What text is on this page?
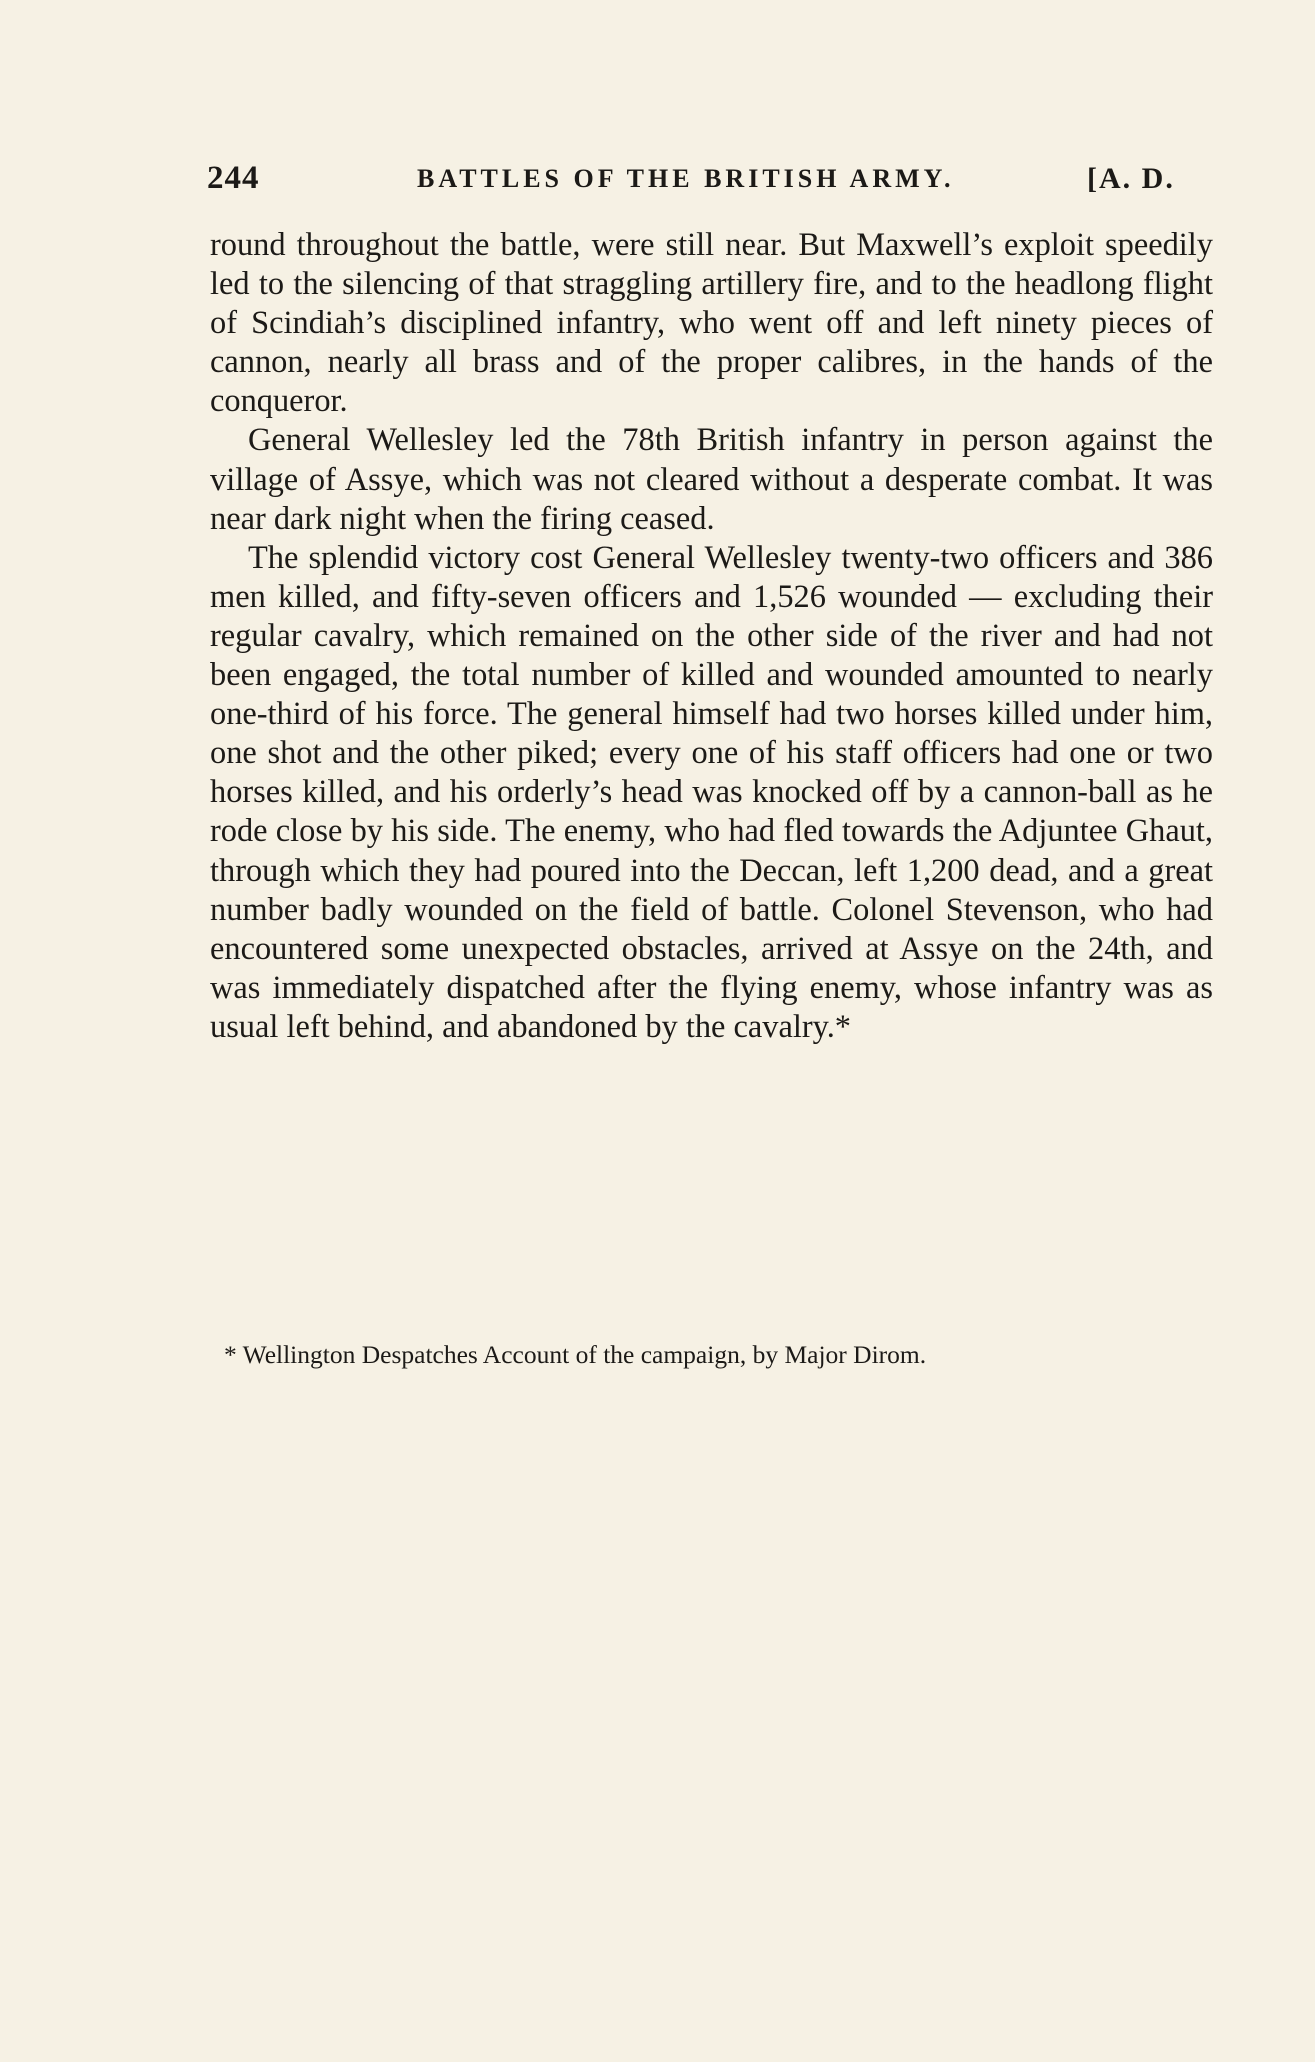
244	BATTLES OF THE BRITISH ARMY.	[A. D.

round throughout the battle, were still near. But Maxwell’s exploit speedily led to the silencing of that straggling artillery fire, and to the headlong flight of Scindiah’s disciplined infantry, who went off and left ninety pieces of cannon, nearly all brass and of the proper calibres, in the hands of the conqueror.

General Wellesley led the 78th British infantry in person against the village of Assye, which was not cleared without a desperate combat. It was near dark night when the firing ceased.

The splendid victory cost General Wellesley twenty-two officers and 386 men killed, and fifty-seven officers and 1,526 wounded — excluding their regular cavalry, which remained on the other side of the river and had not been engaged, the total number of killed and wounded amounted to nearly one-third of his force. The general himself had two horses killed under him, one shot and the other piked; every one of his staff officers had one or two horses killed, and his orderly’s head was knocked off by a cannon-ball as he rode close by his side. The enemy, who had fled towards the Adjuntee Ghaut, through which they had poured into the Deccan, left 1,200 dead, and a great number badly wounded on the field of battle. Colonel Stevenson, who had encountered some unexpected obstacles, arrived at Assye on the 24th, and was immediately dispatched after the flying enemy, whose infantry was as usual left behind, and abandoned by the cavalry.*

* Wellington Despatches Account of the campaign, by Major Dirom.
